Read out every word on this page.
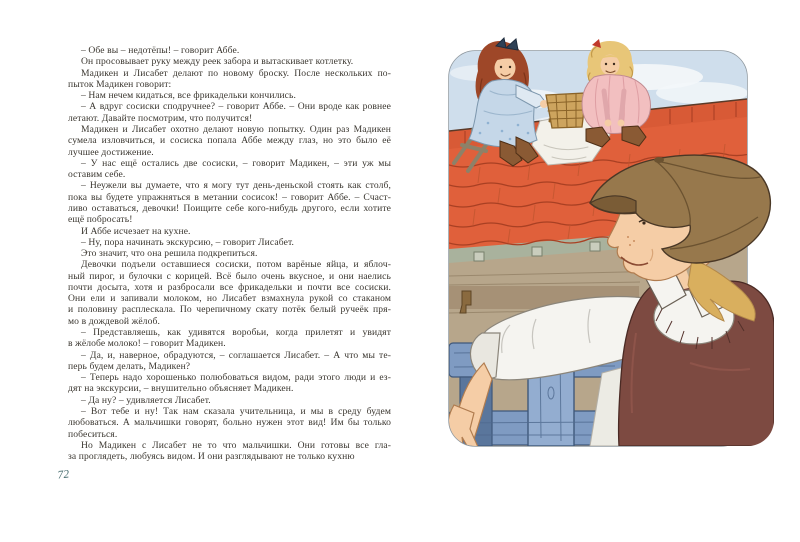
– Обе вы – недотёпы! – говорит Аббе.
Он просовывает руку между реек забора и вытаскивает котлетку.
Мадикен и Лисабет делают по новому броску. После нескольких по-
пыток Мадикен говорит:
– Нам нечем кидаться, все фрикадельки кончились.
– А вдруг сосиски сподручнее? – говорит Аббе. – Они вроде как ровнее
летают. Давайте посмотрим, что получится!
Мадикен и Лисабет охотно делают новую попытку. Один раз Мадикен
сумела изловчиться, и сосиска попала Аббе между глаз, но это было её
лучшее достижение.
– У нас ещё остались две сосиски, – говорит Мадикен, – эти уж мы
оставим себе.
– Неужели вы думаете, что я могу тут день-деньской стоять как столб,
пока вы будете упражняться в метании сосисок! – говорит Аббе. – Счаст-
ливо оставаться, девочки! Поищите себе кого-нибудь другого, если хотите
ещё побросать!
И Аббе исчезает на кухне.
– Ну, пора начинать экскурсию, – говорит Лисабет.
Это значит, что она решила подкрепиться.
Девочки подъели оставшиеся сосиски, потом варёные яйца, и яблоч-
ный пирог, и булочки с корицей. Всё было очень вкусное, и они наелись
почти досыта, хотя и разбросали все фрикадельки и почти все сосиски.
Они ели и запивали молоком, но Лисабет взмахнула рукой со стаканом
и половину расплескала. По черепичному скату потёк белый ручеёк пря-
мо в дождевой жёлоб.
– Представляешь, как удивятся воробьи, когда прилетят и увидят
в жёлобе молоко! – говорит Мадикен.
– Да, и, наверное, обрадуются, – соглашается Лисабет. – А что мы те-
перь будем делать, Мадикен?
– Теперь надо хорошенько полюбоваться видом, ради этого люди и ез-
дят на экскурсии, – внушительно объясняет Мадикен.
– Да ну? – удивляется Лисабет.
– Вот тебе и ну! Так нам сказала учительница, и мы в среду будем
любоваться. А мальчишки говорят, больно нужен этот вид! Им бы только
побеситься.
Но Мадикен с Лисабет не то что мальчишки. Они готовы все гла-
за проглядеть, любуясь видом. И они разглядывают не только кухню
72
